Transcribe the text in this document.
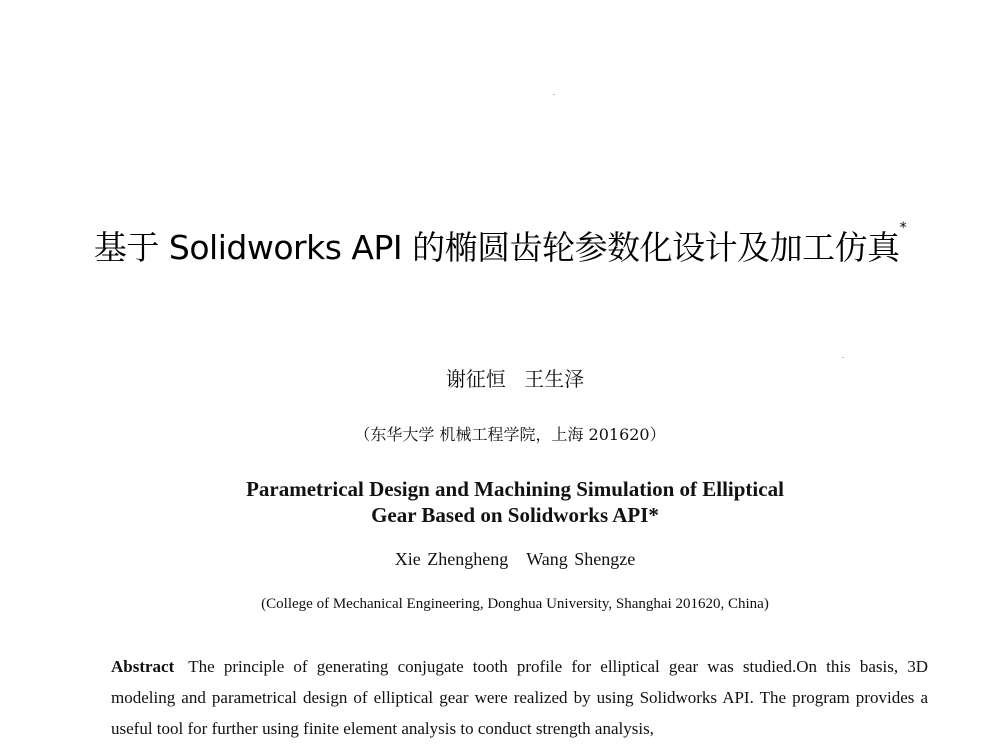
基于 Solidworks API 的椭圆齿轮参数化设计及加工仿真*
谢征恒 王生泽
（东华大学 机械工程学院，上海 201620）
Parametrical Design and Machining Simulation of Elliptical
Gear Based on Solidworks API*
Xie Zhengheng Wang Shengze
(College of Mechanical Engineering, Donghua University, Shanghai 201620, China)
Abstract The principle of generating conjugate tooth profile for elliptical gear was studied.On this basis, 3D modeling and parametrical design of elliptical gear were realized by using Solidworks API. The program provides a useful tool for further using finite element analysis to conduct strength analysis,
